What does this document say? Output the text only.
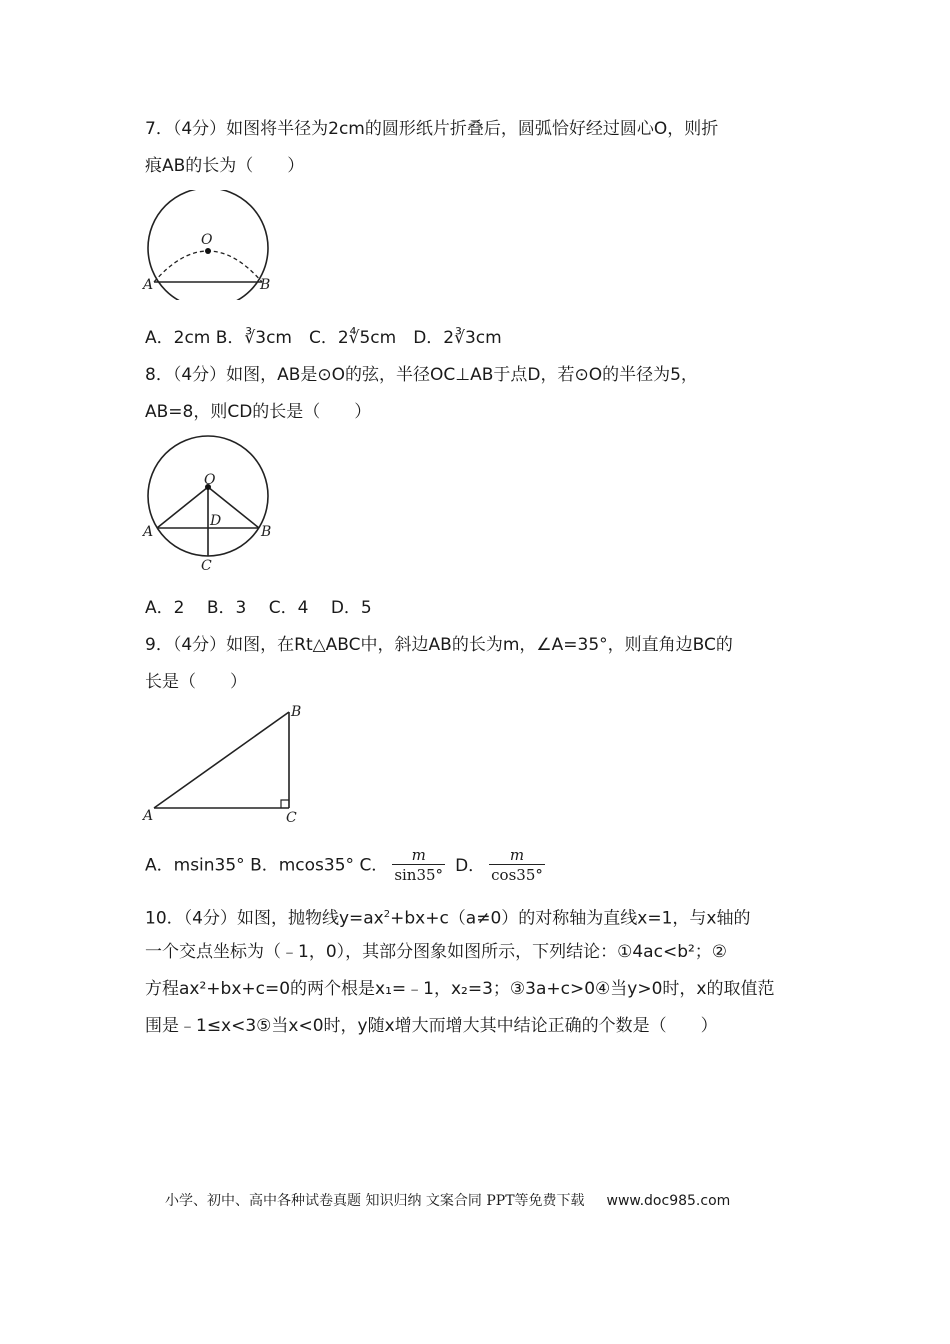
7．（4分）如图将半径为2cm的圆形纸片折叠后，圆弧恰好经过圆心O，则折
痕AB的长为（　　）
O
A	B
A．2cm B．∛3cm　C．2∜5cm　D．2∛3cm
8．（4分）如图，AB是⊙O的弦，半径OC⊥AB于点D，若⊙O的半径为5，
AB=8，则CD的长是（　　）
O
D
A	B
C
A．2　 B．3　 C．4　 D．5
9．（4分）如图，在Rt△ABC中，斜边AB的长为m，∠A=35°，则直角边BC的
长是（　　）
B
A	C
A．msin35° B．mcos35° C． $\frac{m}{\sin 35^\circ}$ D． $\frac{m}{\cos 35^\circ}$
10．（4分）如图，抛物线$y=ax^2+bx+c(a\ne 0)$的对称轴为直线x=1，与x轴的
一个交点坐标为（﹣1，0），其部分图象如图所示，下列结论：①4ac<b²；②
方程ax²+bx+c=0的两个根是x₁=﹣1，x₂=3；③3a+c>0④当y>0时，x的取值范
围是﹣1≤x<3⑤当x<0时，y随x增大而增大其中结论正确的个数是（　　）
小学、初中、高中各种试卷真题 知识归纳 文案合同 PPT等免费下载 www.doc985.com
